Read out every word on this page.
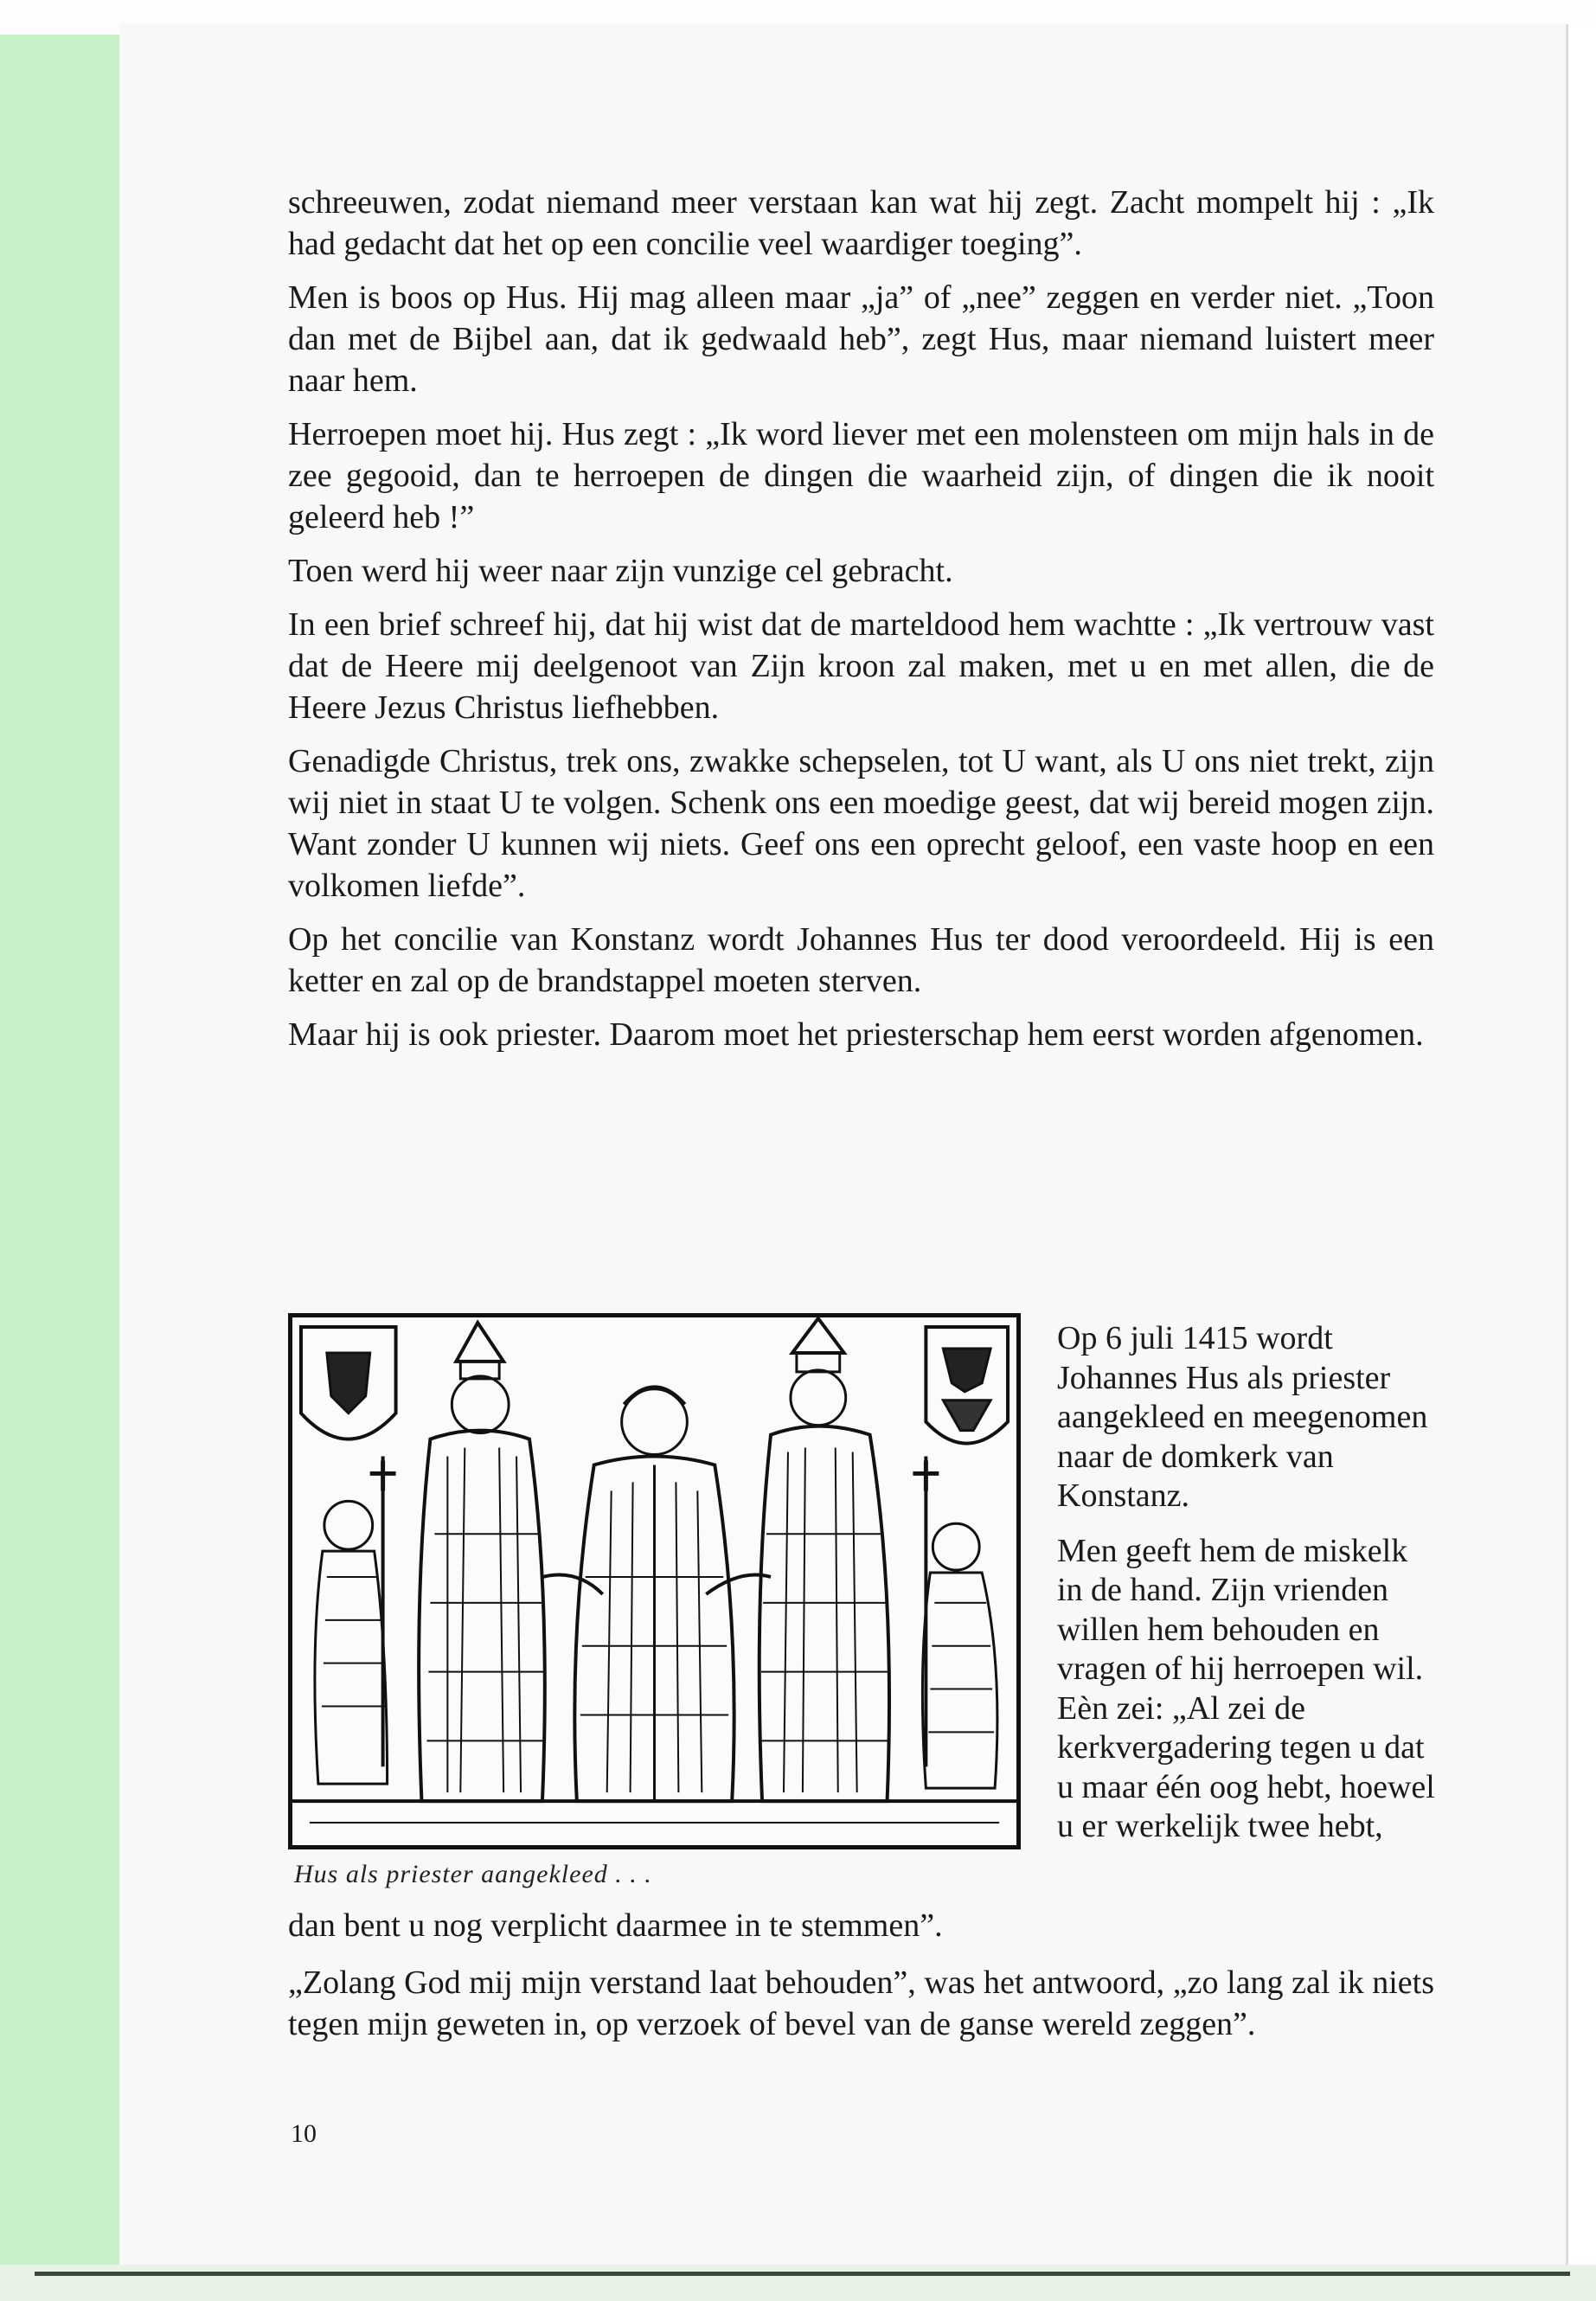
schreeuwen, zodat niemand meer verstaan kan wat hij zegt. Zacht mompelt hij : „Ik had gedacht dat het op een concilie veel waardiger toeging”.

Men is boos op Hus. Hij mag alleen maar „ja” of „nee” zeggen en verder niet. „Toon dan met de Bijbel aan, dat ik gedwaald heb”, zegt Hus, maar niemand luistert meer naar hem.

Herroepen moet hij. Hus zegt : „Ik word liever met een molensteen om mijn hals in de zee gegooid, dan te herroepen de dingen die waarheid zijn, of dingen die ik nooit geleerd heb !”

Toen werd hij weer naar zijn vunzige cel gebracht.

In een brief schreef hij, dat hij wist dat de marteldood hem wachtte : „Ik vertrouw vast dat de Heere mij deelgenoot van Zijn kroon zal maken, met u en met allen, die de Heere Jezus Christus liefhebben.

Genadigde Christus, trek ons, zwakke schepselen, tot U want, als U ons niet trekt, zijn wij niet in staat U te volgen. Schenk ons een moedige geest, dat wij bereid mogen zijn. Want zonder U kunnen wij niets. Geef ons een oprecht geloof, een vaste hoop en een volkomen liefde”.

Op het concilie van Konstanz wordt Johannes Hus ter dood veroordeeld. Hij is een ketter en zal op de brandstappel moeten sterven.

Maar hij is ook priester. Daarom moet het priesterschap hem eerst worden afgenomen.

Hus als priester aangekleed . . .

Op 6 juli 1415 wordt Johannes Hus als priester aangekleed en meegenomen naar de domkerk van Konstanz.

Men geeft hem de miskelk in de hand. Zijn vrienden willen hem behouden en vragen of hij herroepen wil. Eèn zei: „Al zei de kerkvergadering tegen u dat u maar één oog hebt, hoewel u er werkelijk twee hebt,

dan bent u nog verplicht daarmee in te stemmen”.

„Zolang God mij mijn verstand laat behouden”, was het antwoord, „zo lang zal ik niets tegen mijn geweten in, op verzoek of bevel van de ganse wereld zeggen”.

10
